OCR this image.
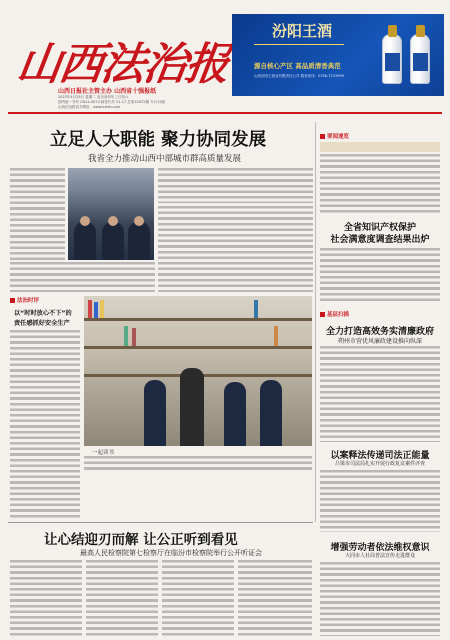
山西法治报
山西日报社主管主办 山西省十强报纸
2023年4月25日 星期二 农历癸卯年三月初六
国内统一刊号 CN14-0074 邮发代号 21-17 总第10472期 今日12版
山西法治报官方网址：www.sxfzb.com
汾阳王酒
源自核心产区 高品质清香典范
山西汾阳王酒业有限责任公司 服务热线：0358-7233999
立足人大职能 聚力协同发展
我省全力推动山西中部城市群高质量发展
要闻速览
全省知识产权保护
社会满意度调查结果出炉
基层扫描
全力打造高效务实清廉政府
朔州市营优风廉政建设推向纵深
法治时评
以“时时放心不下”的
责任感抓好安全生产
一起读书	以案释法传递司法正能量
吕梁市司法局扎实开展行政复议案件评查
让心结迎刃而解 让公正听到看见
最高人民检察院第七检察厅在临汾市检察院举行公开听证会	增强劳动者依法维权意识
大同市人社局普法宣传走进群众
